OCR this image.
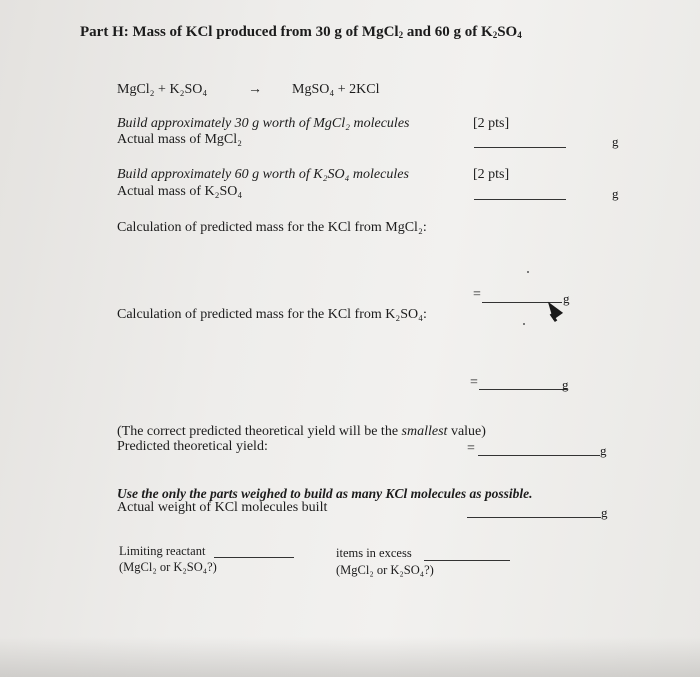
Part H: Mass of KCl produced from 30 g of MgCl$_2$ and 60 g of $K_2SO_4$
MgCl₂ + K₂SO₄	→ MgSO₄ + 2KCl
Build approximately 30 g worth of MgCl₂ molecules	[2 pts]
Actual mass of MgCl₂	g
Build approximately 60 g worth of K₂SO₄ molecules	[2 pts]
Actual mass of K₂SO₄	g
Calculation of predicted mass for the KCl from MgCl₂:
=	g
Calculation of predicted mass for the KCl from K₂SO₄:
=	g
(The correct predicted theoretical yield will be the smallest value)
Predicted theoretical yield:	=	g
Use the only the parts weighed to build as many KCl molecules as possible.
Actual weight of KCl molecules built	g
Limiting reactant
(MgCl₂ or K₂SO₄?)
items in excess
(MgCl₂ or K₂SO₄?)
